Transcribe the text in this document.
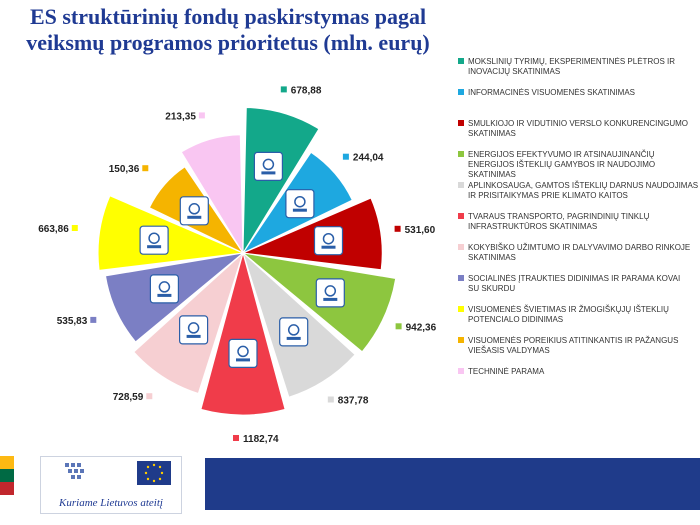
678,88
244,04
531,60
942,36
837,78
1182,74
728,59
535,83
663,86
150,36
213,35
MOKSLINIŲ TYRIMŲ, EKSPERIMENTINĖS PLĖTROS IR INOVACIJŲ SKATINIMAS
INFORMACINĖS VISUOMENĖS SKATINIMAS
SMULKIOJO IR VIDUTINIO VERSLO KONKURENCINGUMO SKATINIMAS
ENERGIJOS EFEKTYVUMO IR ATSINAUJINANČIŲ ENERGIJOS IŠTEKLIŲ GAMYBOS IR NAUDOJIMO SKATINIMAS
APLINKOSAUGA, GAMTOS IŠTEKLIŲ DARNUS NAUDOJIMAS IR PRISITAIKYMAS PRIE KLIMATO KAITOS
TVARAUS TRANSPORTO, PAGRINDINIŲ TINKLŲ INFRASTRUKTŪROS SKATINIMAS
KOKYBIŠKO UŽIMTUMO IR DALYVAVIMO DARBO RINKOJE SKATINIMAS
SOCIALINĖS ĮTRAUKTIES DIDINIMAS IR PARAMA KOVAI SU SKURDU
VISUOMENĖS ŠVIETIMAS IR ŽMOGIŠKŲJŲ IŠTEKLIŲ POTENCIALO DIDINIMAS
VISUOMENĖS POREIKIUS ATITINKANTIS IR PAŽANGUS VIEŠASIS VALDYMAS
TECHNINĖ PARAMA
ES struktūrinių fondų paskirstymas pagal veiksmų programos prioritetus (mln. eurų)
Kuriame Lietuvos ateitį
